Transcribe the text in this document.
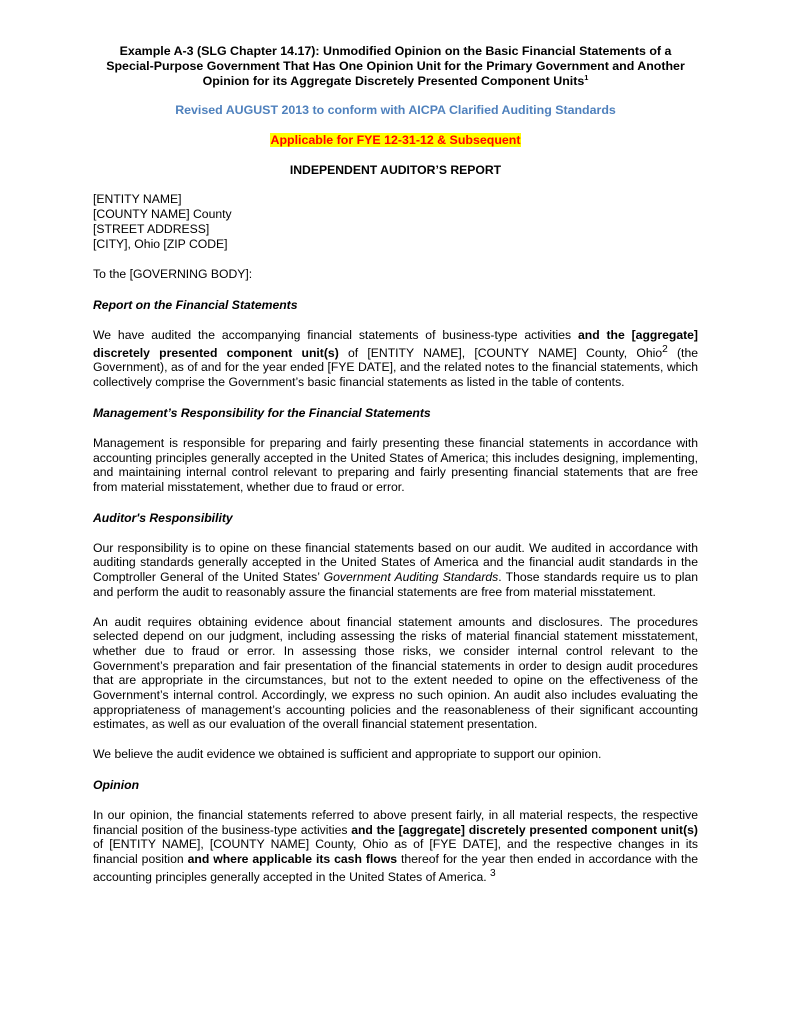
Example A-3 (SLG Chapter 14.17): Unmodified Opinion on the Basic Financial Statements of a
Special-Purpose Government That Has One Opinion Unit for the Primary Government and Another
Opinion for its Aggregate Discretely Presented Component Units$^1$
Revised AUGUST 2013 to conform with AICPA Clarified Auditing Standards
Applicable for FYE 12-31-12 & Subsequent
INDEPENDENT AUDITOR’S REPORT
[ENTITY NAME]
[COUNTY NAME] County
[STREET ADDRESS]
[CITY], Ohio [ZIP CODE]
To the [GOVERNING BODY]:
Report on the Financial Statements
We have audited the accompanying financial statements of business-type activities and the [aggregate] discretely presented component unit(s) of [ENTITY NAME], [COUNTY NAME] County, Ohio$^2$ (the Government), as of and for the year ended [FYE DATE], and the related notes to the financial statements, which collectively comprise the Government’s basic financial statements as listed in the table of contents.
Management’s Responsibility for the Financial Statements
Management is responsible for preparing and fairly presenting these financial statements in accordance with accounting principles generally accepted in the United States of America; this includes designing, implementing, and maintaining internal control relevant to preparing and fairly presenting financial statements that are free from material misstatement, whether due to fraud or error.
Auditor's Responsibility
Our responsibility is to opine on these financial statements based on our audit. We audited in accordance with auditing standards generally accepted in the United States of America and the financial audit standards in the Comptroller General of the United States’ Government Auditing Standards. Those standards require us to plan and perform the audit to reasonably assure the financial statements are free from material misstatement.
An audit requires obtaining evidence about financial statement amounts and disclosures. The procedures selected depend on our judgment, including assessing the risks of material financial statement misstatement, whether due to fraud or error. In assessing those risks, we consider internal control relevant to the Government’s preparation and fair presentation of the financial statements in order to design audit procedures that are appropriate in the circumstances, but not to the extent needed to opine on the effectiveness of the Government’s internal control. Accordingly, we express no such opinion. An audit also includes evaluating the appropriateness of management’s accounting policies and the reasonableness of their significant accounting estimates, as well as our evaluation of the overall financial statement presentation.
We believe the audit evidence we obtained is sufficient and appropriate to support our opinion.
Opinion
In our opinion, the financial statements referred to above present fairly, in all material respects, the respective financial position of the business-type activities and the [aggregate] discretely presented component unit(s) of [ENTITY NAME], [COUNTY NAME] County, Ohio as of [FYE DATE], and the respective changes in its financial position and where applicable its cash flows thereof for the year then ended in accordance with the accounting principles generally accepted in the United States of America. $^3$
